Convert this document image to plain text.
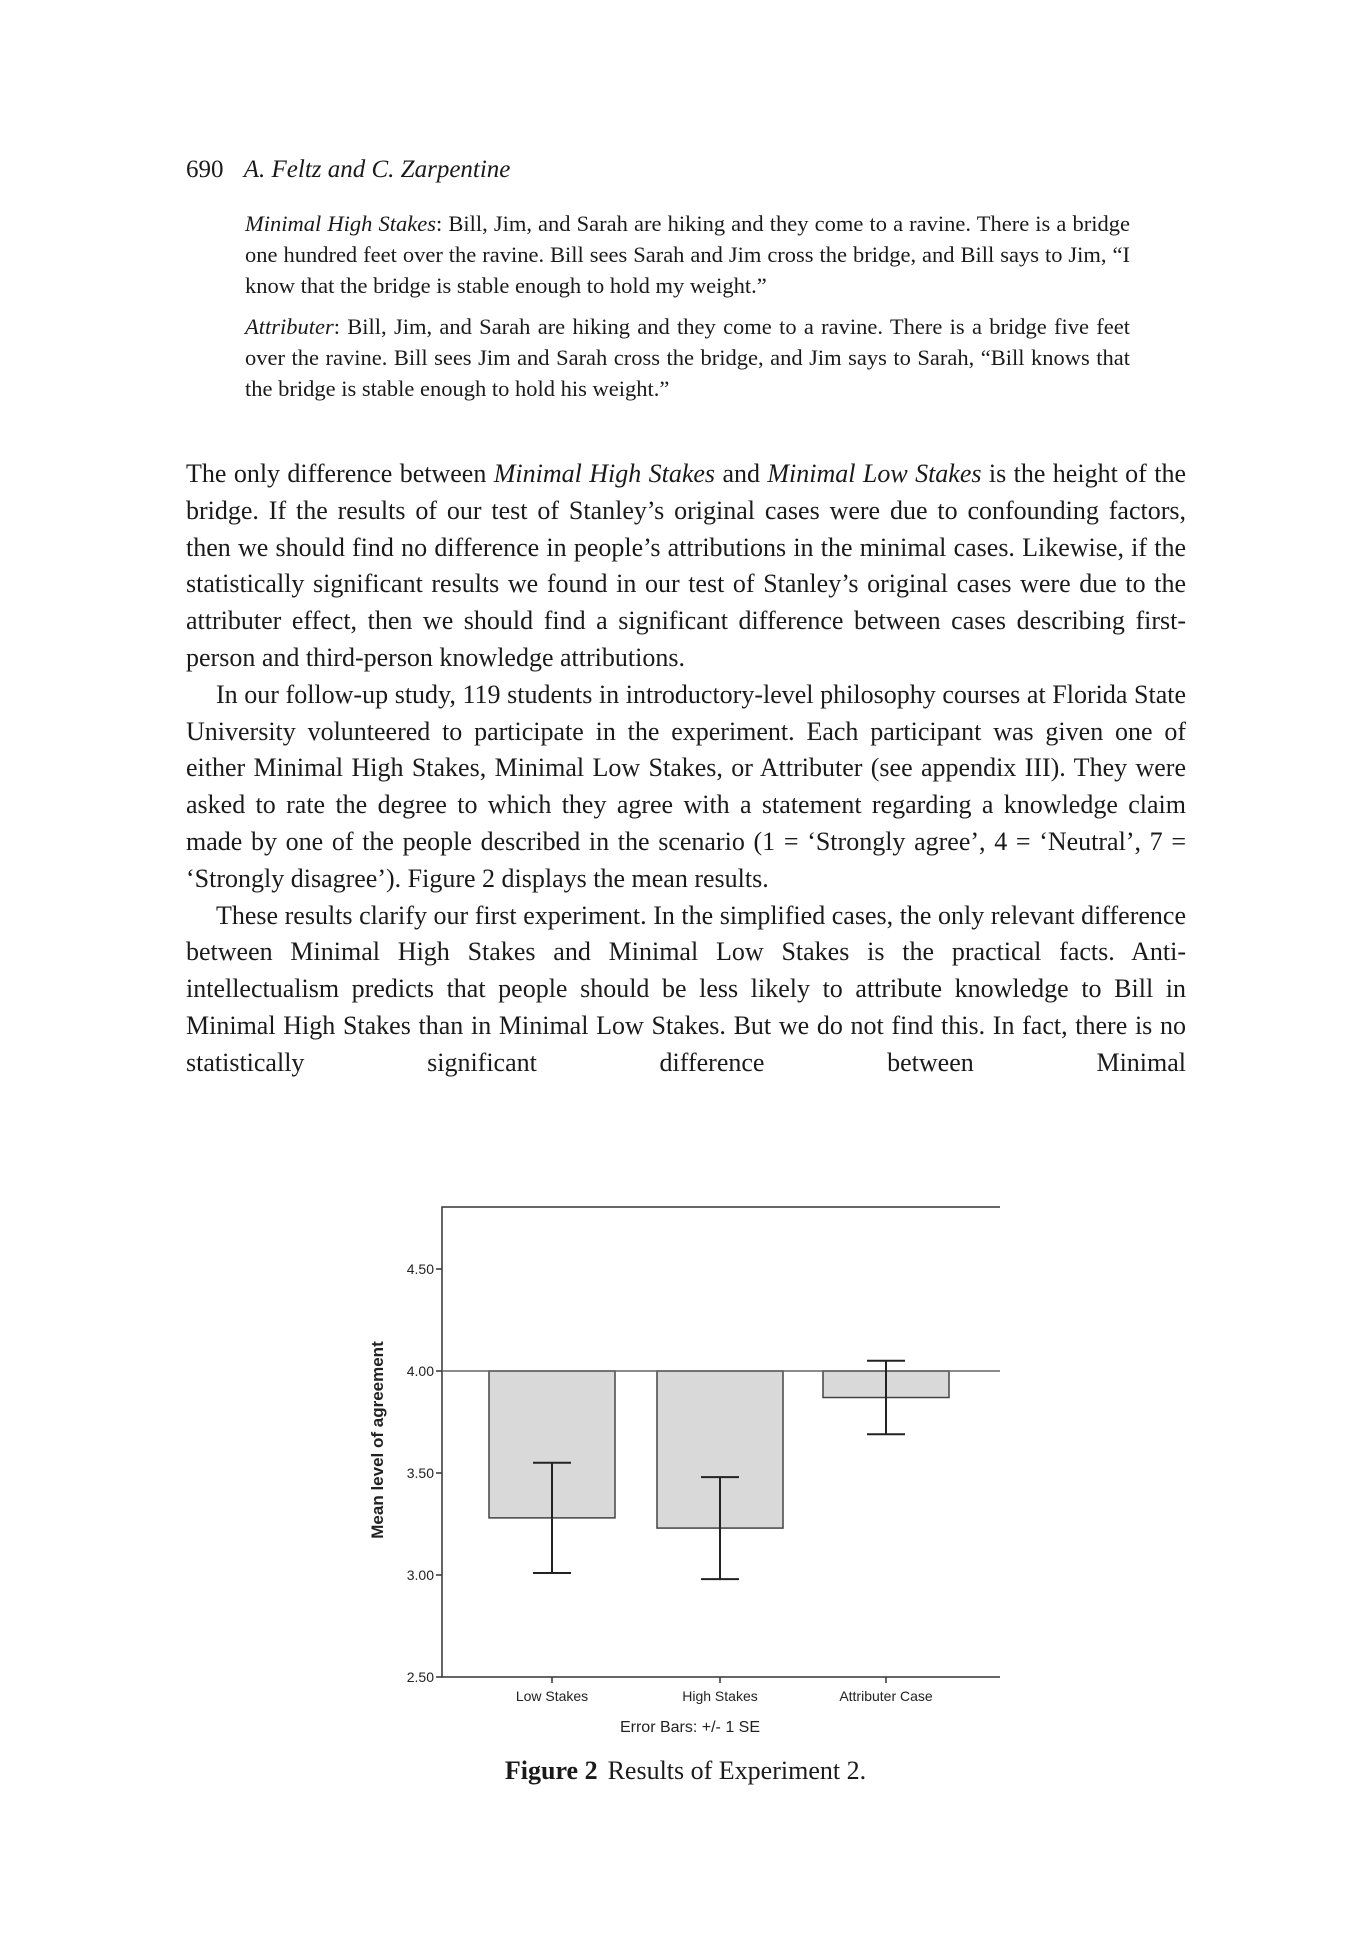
690 A. Feltz and C. Zarpentine

Minimal High Stakes: Bill, Jim, and Sarah are hiking and they come to a ravine. There is a bridge one hundred feet over the ravine. Bill sees Sarah and Jim cross the bridge, and Bill says to Jim, “I know that the bridge is stable enough to hold my weight.”

Attributer: Bill, Jim, and Sarah are hiking and they come to a ravine. There is a bridge five feet over the ravine. Bill sees Jim and Sarah cross the bridge, and Jim says to Sarah, “Bill knows that the bridge is stable enough to hold his weight.”

The only difference between Minimal High Stakes and Minimal Low Stakes is the height of the bridge. If the results of our test of Stanley’s original cases were due to confounding factors, then we should find no difference in people’s attributions in the minimal cases. Likewise, if the statistically significant results we found in our test of Stanley’s original cases were due to the attributer effect, then we should find a significant difference between cases describing first-person and third-person knowledge attributions.

In our follow-up study, 119 students in introductory-level philosophy courses at Florida State University volunteered to participate in the experiment. Each participant was given one of either Minimal High Stakes, Minimal Low Stakes, or Attributer (see appendix III). They were asked to rate the degree to which they agree with a statement regarding a knowledge claim made by one of the people described in the scenario (1 = ‘Strongly agree’, 4 = ‘Neutral’, 7 = ‘Strongly disagree’). Figure 2 displays the mean results.

These results clarify our first experiment. In the simplified cases, the only relevant difference between Minimal High Stakes and Minimal Low Stakes is the practical facts. Anti-intellectualism predicts that people should be less likely to attribute knowledge to Bill in Minimal High Stakes than in Minimal Low Stakes. But we do not find this. In fact, there is no statistically significant difference between Minimal

Mean level of agreement
4.50
4.00
3.50
3.00
2.50
Low Stakes	High Stakes	Attributer Case
Error Bars: +/- 1 SE
Figure 2 Results of Experiment 2.
